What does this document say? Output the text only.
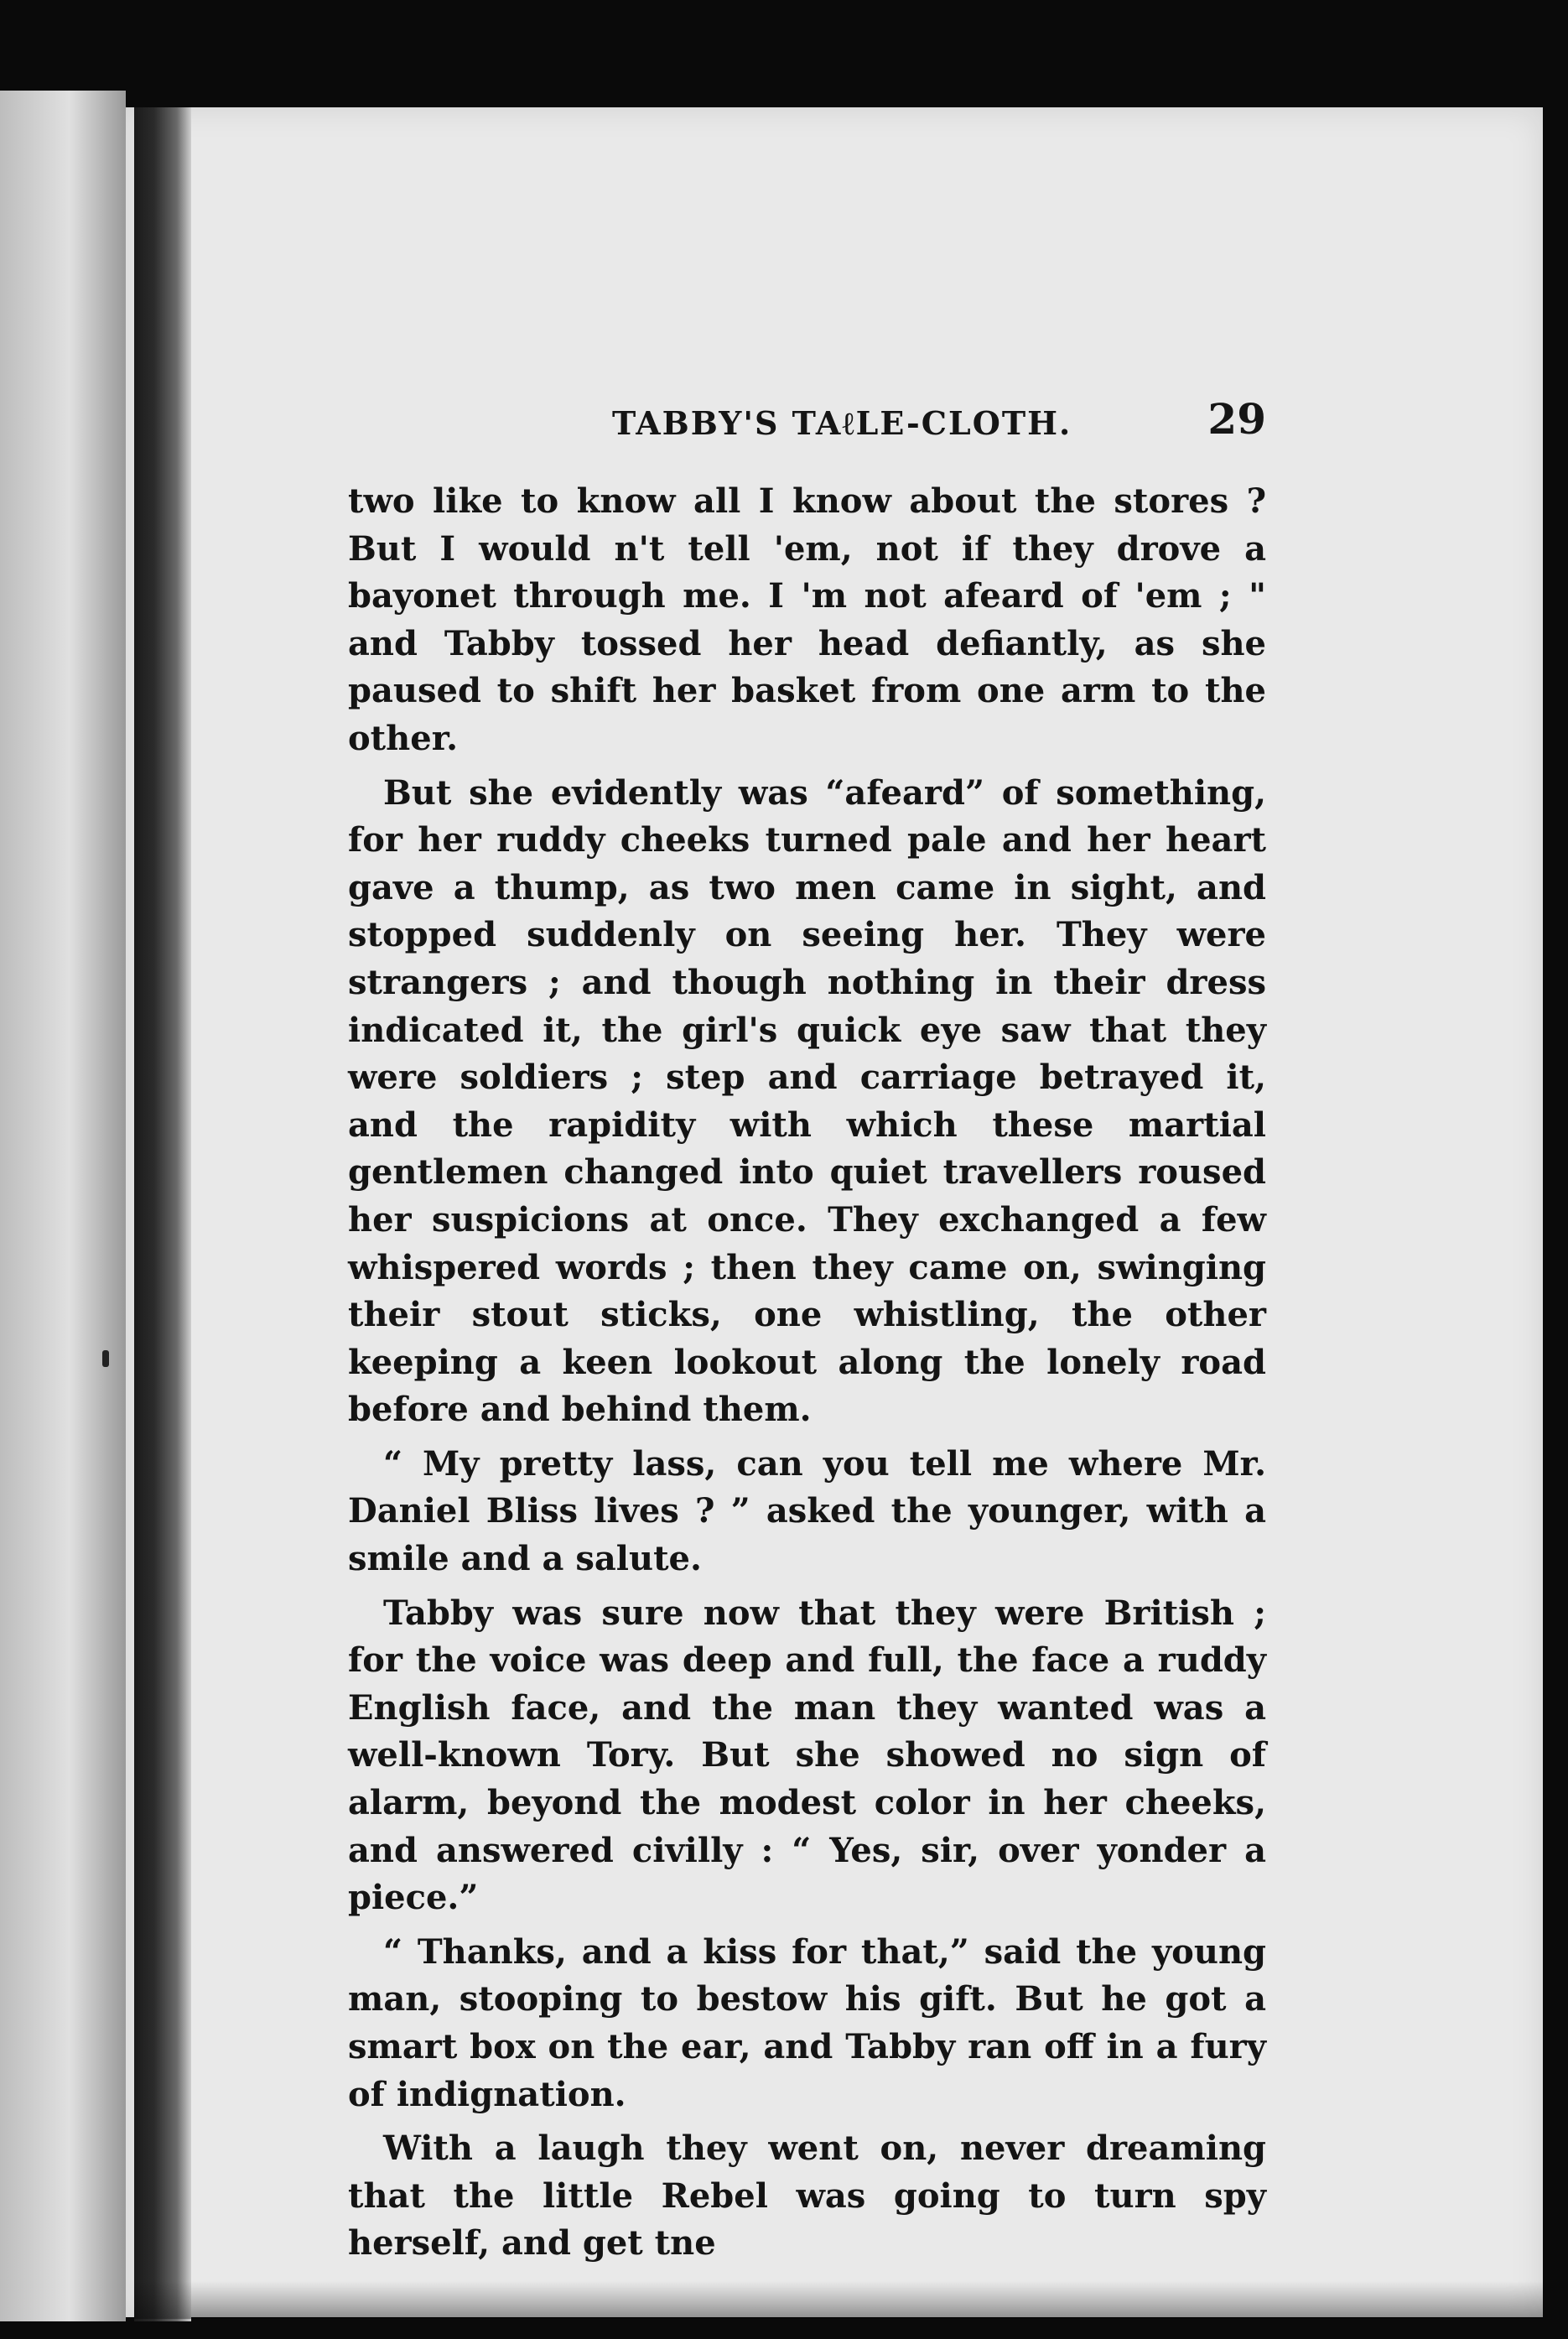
TABBY'S TAℓLE-CLOTH.	29

two like to know all I know about the stores ? But I would n't tell 'em, not if they drove a bayonet through me. I 'm not afeard of 'em ; " and Tabby tossed her head defiantly, as she paused to shift her basket from one arm to the other.

But she evidently was “afeard” of something, for her ruddy cheeks turned pale and her heart gave a thump, as two men came in sight, and stopped suddenly on seeing her. They were strangers ; and though nothing in their dress indicated it, the girl's quick eye saw that they were soldiers ; step and carriage betrayed it, and the rapidity with which these martial gentlemen changed into quiet travellers roused her suspicions at once. They exchanged a few whispered words ; then they came on, swinging their stout sticks, one whistling, the other keeping a keen lookout along the lonely road before and behind them.

“ My pretty lass, can you tell me where Mr. Daniel Bliss lives ? ” asked the younger, with a smile and a salute.

Tabby was sure now that they were British ; for the voice was deep and full, the face a ruddy English face, and the man they wanted was a well-known Tory. But she showed no sign of alarm, beyond the modest color in her cheeks, and answered civilly : “ Yes, sir, over yonder a piece.”

“ Thanks, and a kiss for that,” said the young man, stooping to bestow his gift. But he got a smart box on the ear, and Tabby ran off in a fury of indignation.

With a laugh they went on, never dreaming that the little Rebel was going to turn spy herself, and get tne
